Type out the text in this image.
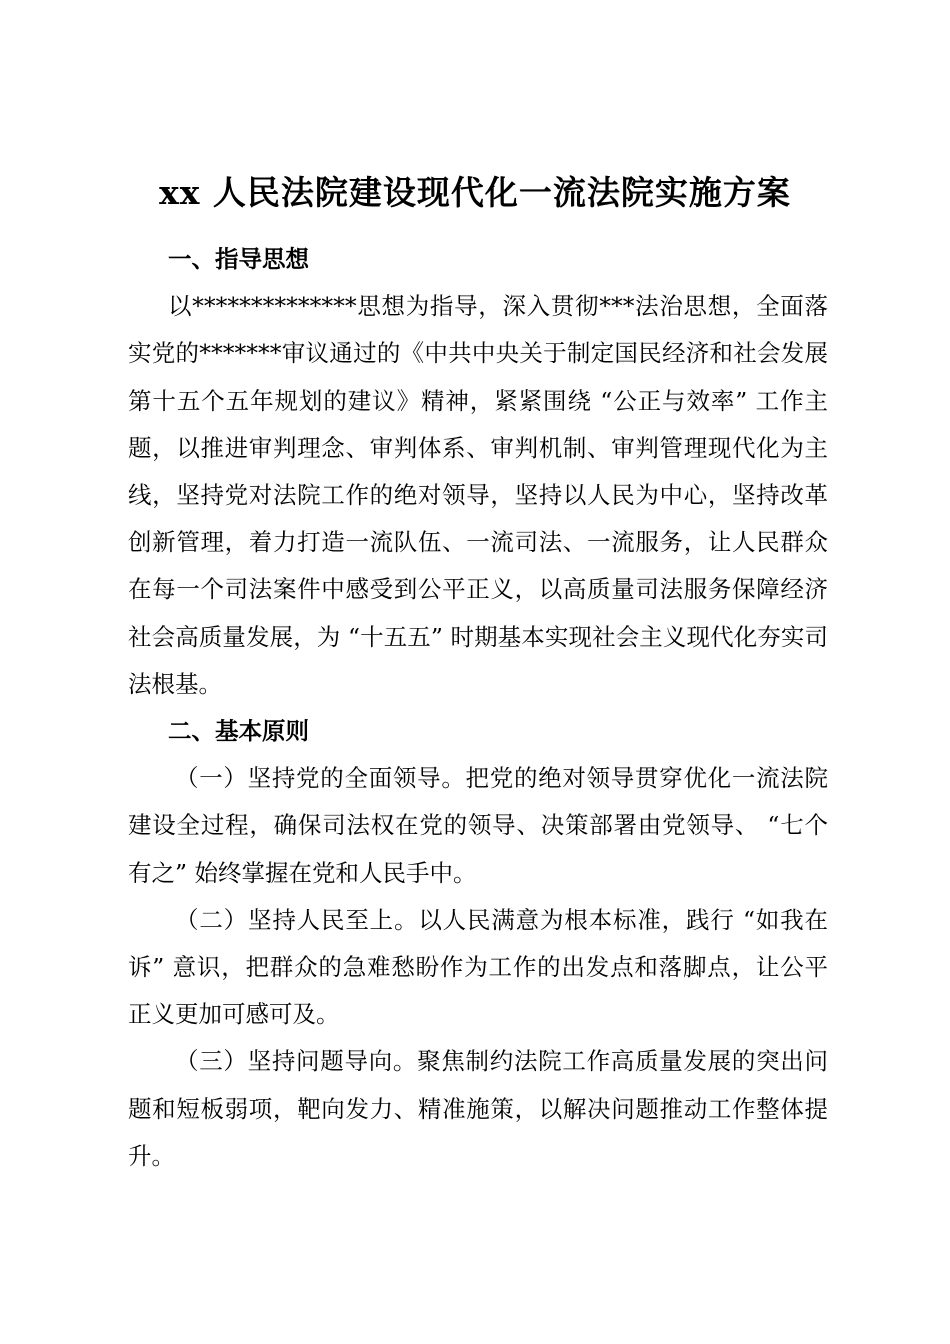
xx 人民法院建设现代化一流法院实施方案
一、指导思想

以**************思想为指导，深入贯彻***法治思想，全面落实党的*******审议通过的《中共中央关于制定国民经济和社会发展第十五个五年规划的建议》精神，紧紧围绕 “公正与效率” 工作主题，以推进审判理念、审判体系、审判机制、审判管理现代化为主线，坚持党对法院工作的绝对领导，坚持以人民为中心，坚持改革创新管理，着力打造一流队伍、一流司法、一流服务，让人民群众在每一个司法案件中感受到公平正义，以高质量司法服务保障经济社会高质量发展，为 “十五五” 时期基本实现社会主义现代化夯实司法根基。

二、基本原则

（一）坚持党的全面领导。把党的绝对领导贯穿优化一流法院建设全过程，确保司法权在党的领导、决策部署由党领导、 “七个有之” 始终掌握在党和人民手中。

（二）坚持人民至上。以人民满意为根本标准，践行 “如我在诉” 意识，把群众的急难愁盼作为工作的出发点和落脚点，让公平正义更加可感可及。

（三）坚持问题导向。聚焦制约法院工作高质量发展的突出问题和短板弱项，靶向发力、精准施策，以解决问题推动工作整体提升。
